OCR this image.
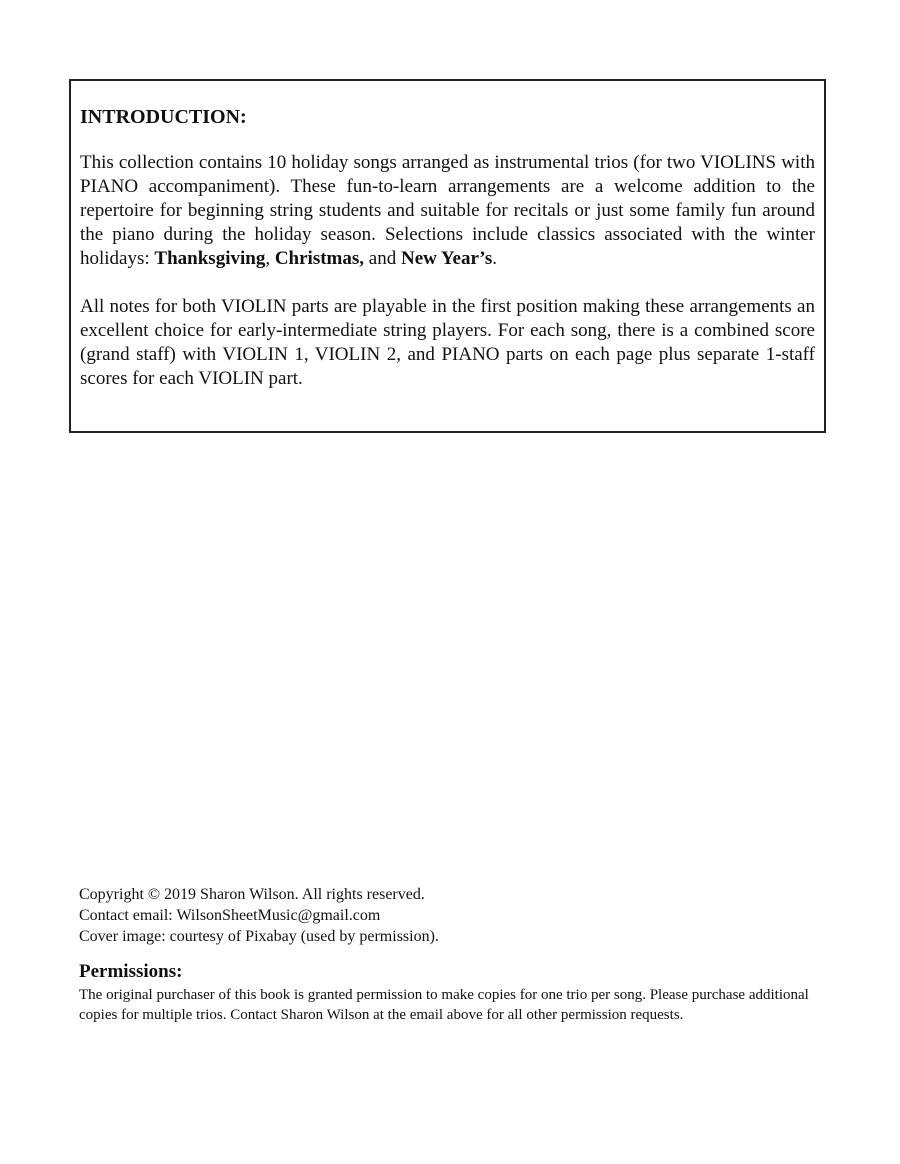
INTRODUCTION:

This collection contains 10 holiday songs arranged as instrumental trios (for two VIOLINS with PIANO accompaniment). These fun-to-learn arrangements are a welcome addition to the repertoire for beginning string students and suitable for recitals or just some family fun around the piano during the holiday season. Selections include classics associated with the winter holidays: Thanksgiving, Christmas, and New Year’s.

All notes for both VIOLIN parts are playable in the first position making these arrangements an excellent choice for early-intermediate string players. For each song, there is a combined score (grand staff) with VIOLIN 1, VIOLIN 2, and PIANO parts on each page plus separate 1-staff scores for each VIOLIN part.

Copyright © 2019 Sharon Wilson. All rights reserved.

Contact email: WilsonSheetMusic@gmail.com

Cover image: courtesy of Pixabay (used by permission).

Permissions:

The original purchaser of this book is granted permission to make copies for one trio per song. Please purchase additional copies for multiple trios. Contact Sharon Wilson at the email above for all other permission requests.
